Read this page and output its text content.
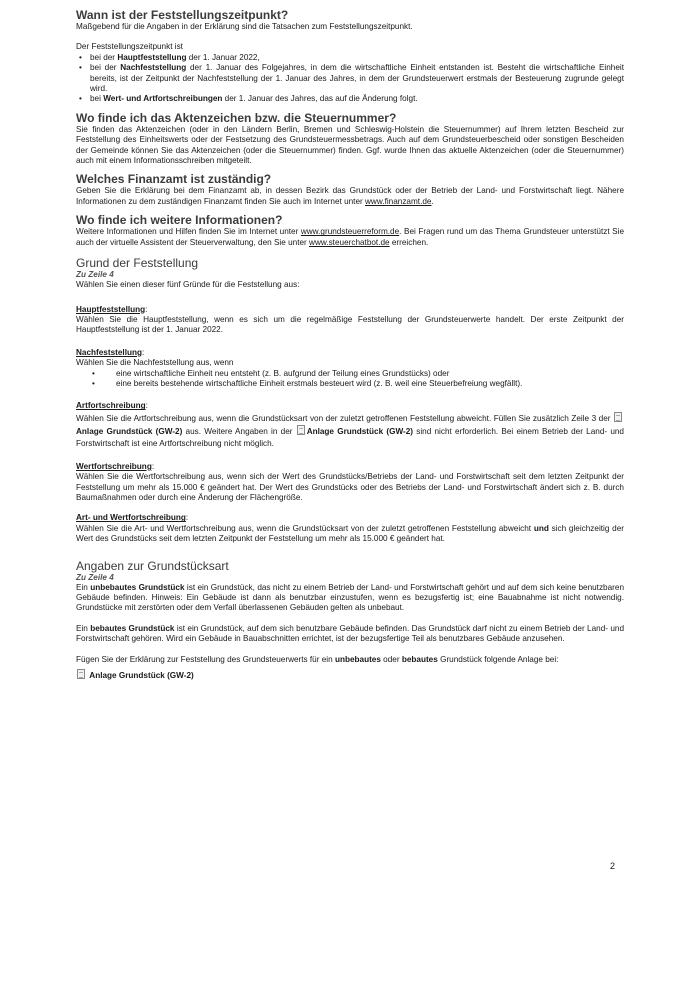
Wann ist der Feststellungszeitpunkt?

Maßgebend für die Angaben in der Erklärung sind die Tatsachen zum Feststellungszeitpunkt.

Der Feststellungszeitpunkt ist

• bei der Hauptfeststellung der 1. Januar 2022,
• bei der Nachfeststellung der 1. Januar des Folgejahres, in dem die wirtschaftliche Einheit entstanden ist. Besteht die wirtschaftliche Einheit bereits, ist der Zeitpunkt der Nachfeststellung der 1. Januar des Jahres, in dem der Grundsteuerwert erstmals der Besteuerung zugrunde gelegt wird.
• bei Wert- und Artfortschreibungen der 1. Januar des Jahres, das auf die Änderung folgt.
Wo finde ich das Aktenzeichen bzw. die Steuernummer?

Sie finden das Aktenzeichen (oder in den Ländern Berlin, Bremen und Schleswig-Holstein die Steuernummer) auf Ihrem letzten Bescheid zur Feststellung des Einheitswerts oder der Festsetzung des Grundsteuermessbetrags. Auch auf dem Grundsteuerbescheid oder sonstigen Bescheiden der Gemeinde können Sie das Aktenzeichen (oder die Steuernummer) finden. Ggf. wurde Ihnen das aktuelle Aktenzeichen (oder die Steuernummer) auch mit einem Informationsschreiben mitgeteilt.

Welches Finanzamt ist zuständig?

Geben Sie die Erklärung bei dem Finanzamt ab, in dessen Bezirk das Grundstück oder der Betrieb der Land- und Forstwirtschaft liegt. Nähere Informationen zu dem zuständigen Finanzamt finden Sie auch im Internet unter www.finanzamt.de.

Wo finde ich weitere Informationen?

Weitere Informationen und Hilfen finden Sie im Internet unter www.grundsteuerreform.de. Bei Fragen rund um das Thema Grundsteuer unterstützt Sie auch der virtuelle Assistent der Steuerverwaltung, den Sie unter www.steuerchatbot.de erreichen.

Grund der Feststellung

Zu Zeile 4

Wählen Sie einen dieser fünf Gründe für die Feststellung aus:

Hauptfeststellung:

Wählen Sie die Hauptfeststellung, wenn es sich um die regelmäßige Feststellung der Grundsteuerwerte handelt. Der erste Zeitpunkt der Hauptfeststellung ist der 1. Januar 2022.

Nachfeststellung:

Wählen Sie die Nachfeststellung aus, wenn

• eine wirtschaftliche Einheit neu entsteht (z. B. aufgrund der Teilung eines Grundstücks) oder
• eine bereits bestehende wirtschaftliche Einheit erstmals besteuert wird (z. B. weil eine Steuerbefreiung wegfällt).

Artfortschreibung:

Wählen Sie die Artfortschreibung aus, wenn die Grundstücksart von der zuletzt getroffenen Feststellung abweicht. Füllen Sie zusätzlich Zeile 3 der Anlage Grundstück (GW-2) aus. Weitere Angaben in der Anlage Grundstück (GW-2) sind nicht erforderlich. Bei einem Betrieb der Land- und Forstwirtschaft ist eine Artfortschreibung nicht möglich.

Wertfortschreibung:

Wählen Sie die Wertfortschreibung aus, wenn sich der Wert des Grundstücks/Betriebs der Land- und Forstwirtschaft seit dem letzten Zeitpunkt der Feststellung um mehr als 15.000 € geändert hat. Der Wert des Grundstücks oder des Betriebs der Land- und Forstwirtschaft ändert sich z. B. durch Baumaßnahmen oder durch eine Änderung der Flächengröße.

Art- und Wertfortschreibung:

Wählen Sie die Art- und Wertfortschreibung aus, wenn die Grundstücksart von der zuletzt getroffenen Feststellung abweicht und sich gleichzeitig der Wert des Grundstücks seit dem letzten Zeitpunkt der Feststellung um mehr als 15.000 € geändert hat.

Angaben zur Grundstücksart

Zu Zeile 4

Ein unbebautes Grundstück ist ein Grundstück, das nicht zu einem Betrieb der Land- und Forstwirtschaft gehört und auf dem sich keine benutzbaren Gebäude befinden. Hinweis: Ein Gebäude ist dann als benutzbar einzustufen, wenn es bezugsfertig ist; eine Bauabnahme ist nicht notwendig. Grundstücke mit zerstörten oder dem Verfall überlassenen Gebäuden gelten als unbebaut.

Ein bebautes Grundstück ist ein Grundstück, auf dem sich benutzbare Gebäude befinden. Das Grundstück darf nicht zu einem Betrieb der Land- und Forstwirtschaft gehören. Wird ein Gebäude in Bauabschnitten errichtet, ist der bezugsfertige Teil als benutzbares Gebäude anzusehen.

Fügen Sie der Erklärung zur Feststellung des Grundsteuerwerts für ein unbebautes oder bebautes Grundstück folgende Anlage bei:

Anlage Grundstück (GW-2)

2
